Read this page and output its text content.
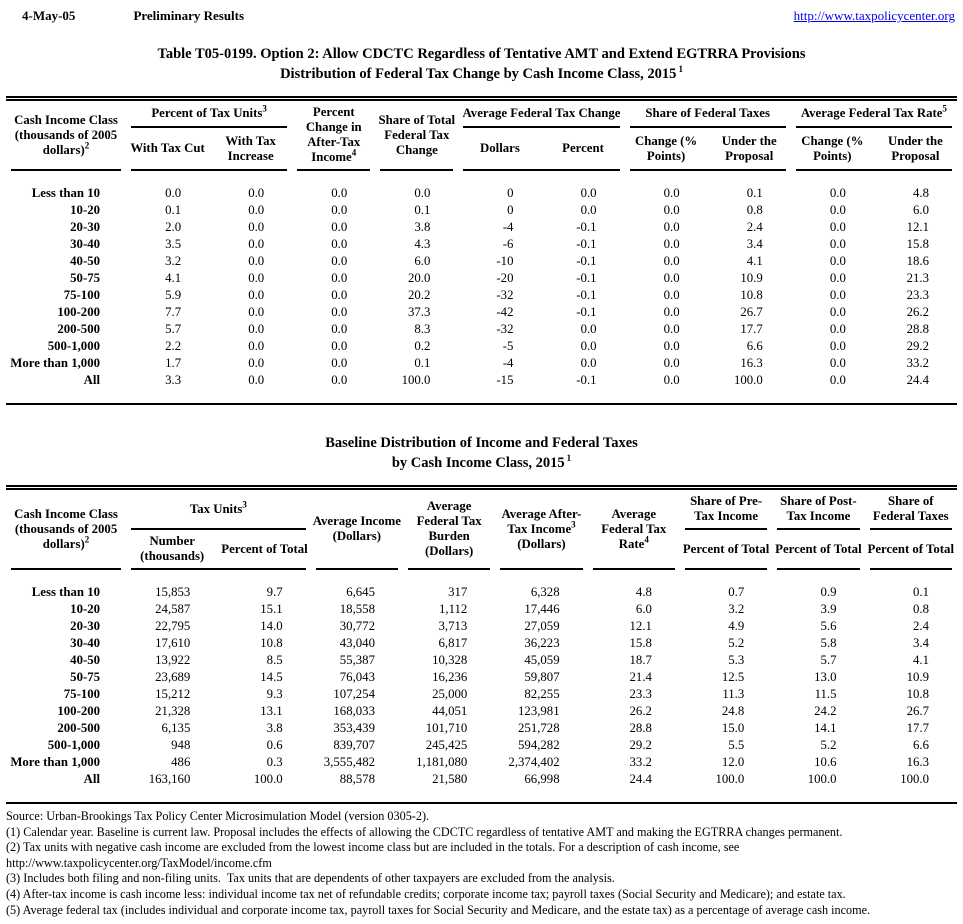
4-May-05	Preliminary Results	http://www.taxpolicycenter.org
Table T05-0199. Option 2: Allow CDCTC Regardless of Tentative AMT and Extend EGTRRA Provisions
Distribution of Federal Tax Change by Cash Income Class, 2015 $^1$
Cash Income Class (thousands of 2005 dollars)$^2$	Percent of Tax Units$^3$		Percent Change in After-Tax Income$^4$	Share of Total Federal Tax Change	Average Federal Tax Change		Share of Federal Taxes		Average Federal Tax Rate$^5$
	With Tax Cut	With Tax Increase			Dollars	Percent	Change (% Points)	Under the Proposal	Change (% Points)	Under the Proposal
Less than 10	0.0	0.0	0.0	0.0	0	0.0	0.0	0.1	0.0	4.8
10-20	0.1	0.0	0.0	0.1	0	0.0	0.0	0.8	0.0	6.0
20-30	2.0	0.0	0.0	3.8	-4	-0.1	0.0	2.4	0.0	12.1
30-40	3.5	0.0	0.0	4.3	-6	-0.1	0.0	3.4	0.0	15.8
40-50	3.2	0.0	0.0	6.0	-10	-0.1	0.0	4.1	0.0	18.6
50-75	4.1	0.0	0.0	20.0	-20	-0.1	0.0	10.9	0.0	21.3
75-100	5.9	0.0	0.0	20.2	-32	-0.1	0.0	10.8	0.0	23.3
100-200	7.7	0.0	0.0	37.3	-42	-0.1	0.0	26.7	0.0	26.2
200-500	5.7	0.0	0.0	8.3	-32	0.0	0.0	17.7	0.0	28.8
500-1,000	2.2	0.0	0.0	0.2	-5	0.0	0.0	6.6	0.0	29.2
More than 1,000	1.7	0.0	0.0	0.1	-4	0.0	0.0	16.3	0.0	33.2
All	3.3	0.0	0.0	100.0	-15	-0.1	0.0	100.0	0.0	24.4
Baseline Distribution of Income and Federal Taxes
by Cash Income Class, 2015 $^1$
Cash Income Class (thousands of 2005 dollars)$^2$	Tax Units$^3$		Average Income (Dollars)	Average Federal Tax Burden (Dollars)	Average After-Tax Income$^3$ (Dollars)	Average Federal Tax Rate$^4$	Share of Pre-Tax Income	Share of Post-Tax Income	Share of Federal Taxes
	Number (thousands)	Percent of Total					Percent of Total	Percent of Total	Percent of Total
Less than 10	15,853	9.7	6,645	317	6,328	4.8	0.7	0.9	0.1
10-20	24,587	15.1	18,558	1,112	17,446	6.0	3.2	3.9	0.8
20-30	22,795	14.0	30,772	3,713	27,059	12.1	4.9	5.6	2.4
30-40	17,610	10.8	43,040	6,817	36,223	15.8	5.2	5.8	3.4
40-50	13,922	8.5	55,387	10,328	45,059	18.7	5.3	5.7	4.1
50-75	23,689	14.5	76,043	16,236	59,807	21.4	12.5	13.0	10.9
75-100	15,212	9.3	107,254	25,000	82,255	23.3	11.3	11.5	10.8
100-200	21,328	13.1	168,033	44,051	123,981	26.2	24.8	24.2	26.7
200-500	6,135	3.8	353,439	101,710	251,728	28.8	15.0	14.1	17.7
500-1,000	948	0.6	839,707	245,425	594,282	29.2	5.5	5.2	6.6
More than 1,000	486	0.3	3,555,482	1,181,080	2,374,402	33.2	12.0	10.6	16.3
All	163,160	100.0	88,578	21,580	66,998	24.4	100.0	100.0	100.0

Source: Urban-Brookings Tax Policy Center Microsimulation Model (version 0305-2).

(1) Calendar year. Baseline is current law. Proposal includes the effects of allowing the CDCTC regardless of tentative AMT and making the EGTRRA changes permanent.

(2) Tax units with negative cash income are excluded from the lowest income class but are included in the totals. For a description of cash income, see

http://www.taxpolicycenter.org/TaxModel/income.cfm

(3) Includes both filing and non-filing units.  Tax units that are dependents of other taxpayers are excluded from the analysis.

(4) After-tax income is cash income less: individual income tax net of refundable credits; corporate income tax; payroll taxes (Social Security and Medicare); and estate tax.

(5) Average federal tax (includes individual and corporate income tax, payroll taxes for Social Security and Medicare, and the estate tax) as a percentage of average cash income.
